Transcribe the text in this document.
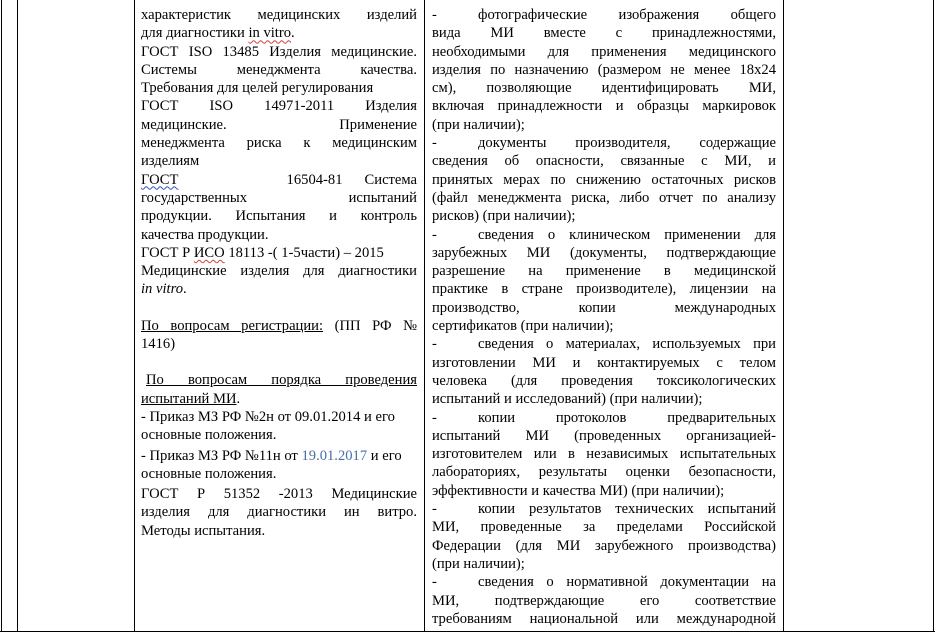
характеристик медицинских изделий
для диагностики in vitro.
ГОСТ ISO 13485 Изделия медицинские.
Системы менеджмента качества.
Требования для целей регулирования
ГОСТ ISO 14971-2011 Изделия
медицинские. Применение
менеджмента риска к медицинским
изделиям
ГОСТ	16504-81 Система
государственных испытаний
продукции. Испытания и контроль
качества продукции.
ГОСТ Р ИСО 18113 -( 1-5части) – 2015
Медицинские изделия для диагностики
in vitro.
По вопросам регистрации: (ПП РФ №
1416)
По вопросам порядка проведения
испытаний МИ.
- Приказ МЗ РФ №2н от 09.01.2014 и его
основные положения.
- Приказ МЗ РФ №11н от 19.01.2017 и его
основные положения.
ГОСТ Р 51352 -2013 Медицинские
изделия для диагностики ин витро.
Методы испытания.
-	фотографические изображения общего
вида МИ вместе с принадлежностями,
необходимыми для применения медицинского
изделия по назначению (размером не менее 18x24
см), позволяющие идентифицировать МИ,
включая принадлежности и образцы маркировок
(при наличии);
-	документы производителя, содержащие
сведения об опасности, связанные с МИ, и
принятых мерах по снижению остаточных рисков
(файл менеджмента риска, либо отчет по анализу
рисков) (при наличии);
-	сведения о клиническом применении для
зарубежных МИ (документы, подтверждающие
разрешение на применение в медицинской
практике в стране производителе), лицензии на
производство, копии международных
сертификатов (при наличии);
-	сведения о материалах, используемых при
изготовлении МИ и контактируемых с телом
человека (для проведения токсикологических
испытаний и исследований) (при наличии);
-	копии протоколов предварительных
испытаний МИ (проведенных организацией-
изготовителем или в независимых испытательных
лабораториях, результаты оценки безопасности,
эффективности и качества МИ) (при наличии);
-	копии результатов технических испытаний
МИ, проведенные за пределами Российской
Федерации (для МИ зарубежного производства)
(при наличии);
-	сведения о нормативной документации на
МИ, подтверждающие его соответствие
требованиям национальной или международной
